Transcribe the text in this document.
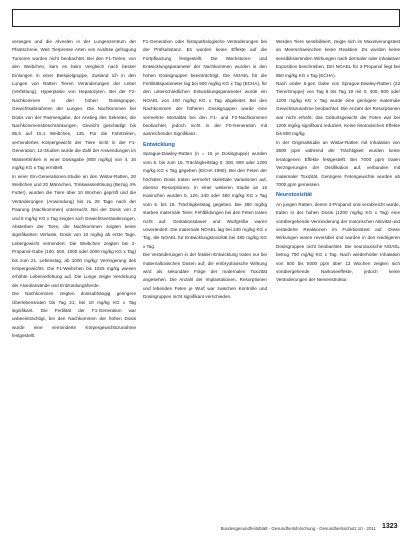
veranges und die Alveolen in der Lungenzentrum der Pfostschreie, Weit Tierpresse Arten von Auslöse gefragung Tumoren wurden nicht beobachtet. Bei den F1-Tieren, von den Weibchen, kam es beim Vergleich nach besser Einlungen in einer Beispielgruppe, Zustand ich in den Lungen von Ratten Tieren Veränderungen der Leber (Verfettung), Hyperplasie von Hepatozyten. Bei der F2-Nachkommen in den hohen Dosisgruppe, Gewichtsabnahmen der Lungen. Die Nachkommen bei Dosis von der Pasmengabe, der Anstieg des Sekretes, die Nachkommensbeschränkungen, Gewicht geschädigt bis 95,5 auf 15,1 Weibchen, 135. Für die Fahrtzeiten, vermindertes Körpergewicht der Tiere nicht in der F1-Generation, 12-Studien wurde die Zahl der Anwendungen im Wassertrinken in einer Dosisgabe (800 mg/kg) von 4, 16 mg/kg KG x Tag ermittelt.

In einer Ein-Generationen-Studie an den Wistar-Ratten, 20 Weibchen und 20 Männchen, Trinkwasserlösung (Bezug 4% Futter), wurden die Tiere über 10 Wochen geprüft und die Veränderungen (Anwendung) bis zu 20 Tage nach der Paarung (Nachkommen) untersucht. Bei der Dosis von 2 und 5 mg/kg KG x Tag zeigten sich Gewichtsveränderungen, Absterben der Tiere, die Nachkommen zeigten keine signifikanten Verluste. Dosis von 10 mg/kg ab erste Tage, Lebergewicht vermindert. Die Weibchen zeigten bei 2-Propanol-Gabe (100, 500, 1000 oder 2000 mg/kg KG x Tag) bis zum 21. Lebenstag, ab 1000 mg/kg: Verringerung des Körpergewichts. Die F1-Weibchen bis 1025 mg/kg wiesen erhöhte Leberverfettung auf. Die Lunge zeigte Verdickung der Alveolarwände und Entzündungsherde.

Die Nachkommen zeigten dosisabhängig geringere Überlebensraten bis Tag 21; bei 10 mg/kg KG x Tag signifikant. Die Fertilität der F1-Generation war unbeeinträchtigt, bei den Nachkommen der hohen Dosis wurde eine verminderte Körpergewichtszunahme festgestellt.

F1-Generation oder histopathologische Veränderungen bei der Prüfsubstanz. Es wurden keine Effekte auf die Fortpflanzung festgestellt. Die Wachstums- und Entwicklungsparameter der Nachkommen wurden in den hohen Dosisgruppen beeinträchtigt. Die NOAEL für die Fertilitätsparameter lag bei 500 mg/kg KG x Tag (ECHA), für den unterschiedlichen Entwicklungsparameter wurde ein NOAEL von 100 mg/kg KG x Tag abgeleitet. Bei den Nachkommen der höheren Dosisgruppen wurde eine vermehrte Mortalität bei den F1- und F2-Nachkommen beobachtet, jedoch nicht in der F0-Generation mit ausreichender Signifikanz.

Entwicklung

Sprague-Dawley-Ratten (n = 15 je Dosisgruppe) wurden vom 6. bis zum 15. Trächtigkeitstag 0, 400, 800 oder 1200 mg/kg KG x Tag gegeben (ECHA 1990). Bei den Feten der höchsten Dosis traten vermehrt skelettale Variationen auf, ebenso Resorptionen. In einer weiteren Studie an 15 Kaninchen wurden 0, 120, 240 oder 480 mg/kg KG x Tag vom 6. bis 18. Trächtigkeitstag gegeben. Bei 480 mg/kg starben maternale Tiere; Fehlbildungen bei den Feten traten nicht auf. Gestationsdauer und Wurfgröße waren unverändert. Die maternale NOAEL lag bei 240 mg/kg KG x Tag, die NOAEL für Entwicklungstoxizität bei 480 mg/kg KG x Tag.

Die Veränderungen in der fetalen Entwicklung traten nur bei maternaltoxischen Dosen auf; die embryotoxische Wirkung wird als sekundäre Folge der maternalen Toxizität angesehen. Die Anzahl der Implantationen, Resorptionen und lebenden Feten je Wurf war zwischen Kontrolle und Dosisgruppen nicht signifikant verschieden.

Werden Tiere sensibilisiert, zeigte sich im Maximierungstest an Meerschweinchen keine Reaktion. Es wurden keine sensibilisierenden Wirkungen nach dermaler oder inhalativer Exposition beschrieben. Der NOAEL für 2-Propanol liegt bei 850 mg/kg KG x Tag (ECHA).

Nach oraler 6-gen Gabe von Sprague-Dawley-Ratten (23 Tiere/Gruppe) von Tag 6 bis Tag 19 mit 0, 400, 800 oder 1200 mg/kg KG x Tag wurde eine geringere maternale Gewichtszunahme beobachtet. Die Anzahl der Resorptionen war nicht erhöht; das Geburtsgewicht der Feten war bei 1200 mg/kg signifikant reduziert. Keine fetotoxischen Effekte bis 800 mg/kg.

In der Originalstudie an Wistar-Ratten mit Inhalation von 3500 ppm während der Trächtigkeit wurden keine teratogenen Effekte festgestellt. Bei 7000 ppm traten Verzögerungen der Ossifikation auf, verbunden mit maternaler Toxizität. Geringere Fetengewichte wurden ab 7000 ppm gemessen.

Neurotoxizität

An jungen Ratten, denen 2-Propanol oral verabreicht wurde, traten in der hohen Dosis (1200 mg/kg KG x Tag) eine vorübergehende Verminderung der motorischen Aktivität und veränderte Reaktionen im Funktionstest auf. Diese Wirkungen waren reversibel und wurden in den niedrigeren Dosisgruppen nicht beobachtet. Die neurotoxische NOAEL betrug 700 mg/kg KG x Tag. Nach wiederholter Inhalation von 500 bis 5000 ppm über 13 Wochen zeigten sich vorübergehende Narkoseeffekte, jedoch keine Veränderungen der Nervenstruktur.

Bundesgesundheitsblatt - Gesundheitsforschung - Gesundheitsschutz 10 - 2011 1323
